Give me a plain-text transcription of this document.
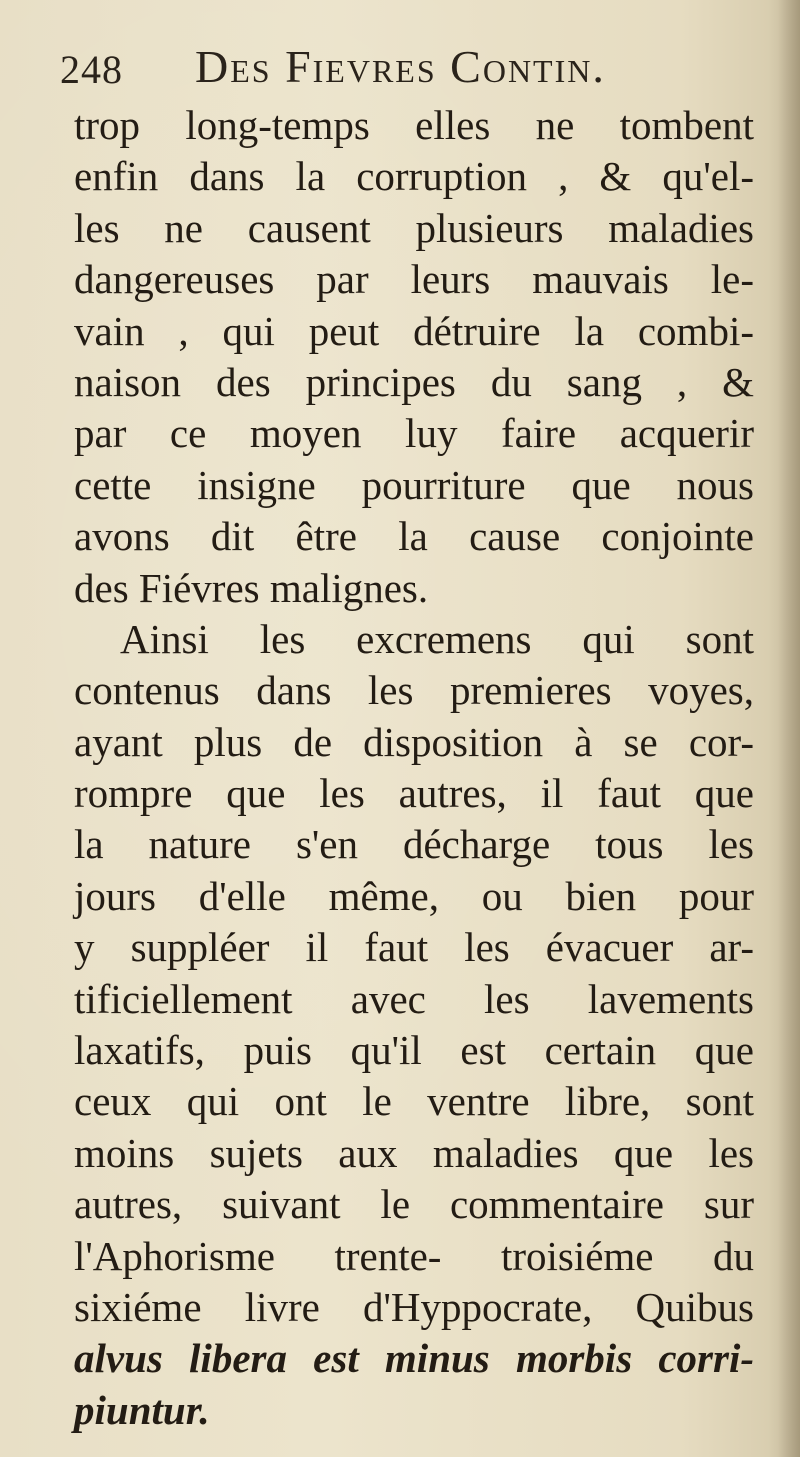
248 Des Fievres Contin.
trop long-temps elles ne tombent
enfin dans la corruption , & qu'el-
les ne causent plusieurs maladies
dangereuses par leurs mauvais le-
vain , qui peut détruire la combi-
naison des principes du sang , &
par ce moyen luy faire acquerir
cette insigne pourriture que nous
avons dit être la cause conjointe
des Fiévres malignes.
Ainsi les excremens qui sont
contenus dans les premieres voyes,
ayant plus de disposition à se cor-
rompre que les autres, il faut que
la nature s'en décharge tous les
jours d'elle même, ou bien pour
y suppléer il faut les évacuer ar-
tificiellement avec les lavements
laxatifs, puis qu'il est certain que
ceux qui ont le ventre libre, sont
moins sujets aux maladies que les
autres, suivant le commentaire sur
l'Aphorisme trente- troisiéme du
sixiéme livre d'Hyppocrate, Quibus
alvus libera est minus morbis corri-
piuntur.
